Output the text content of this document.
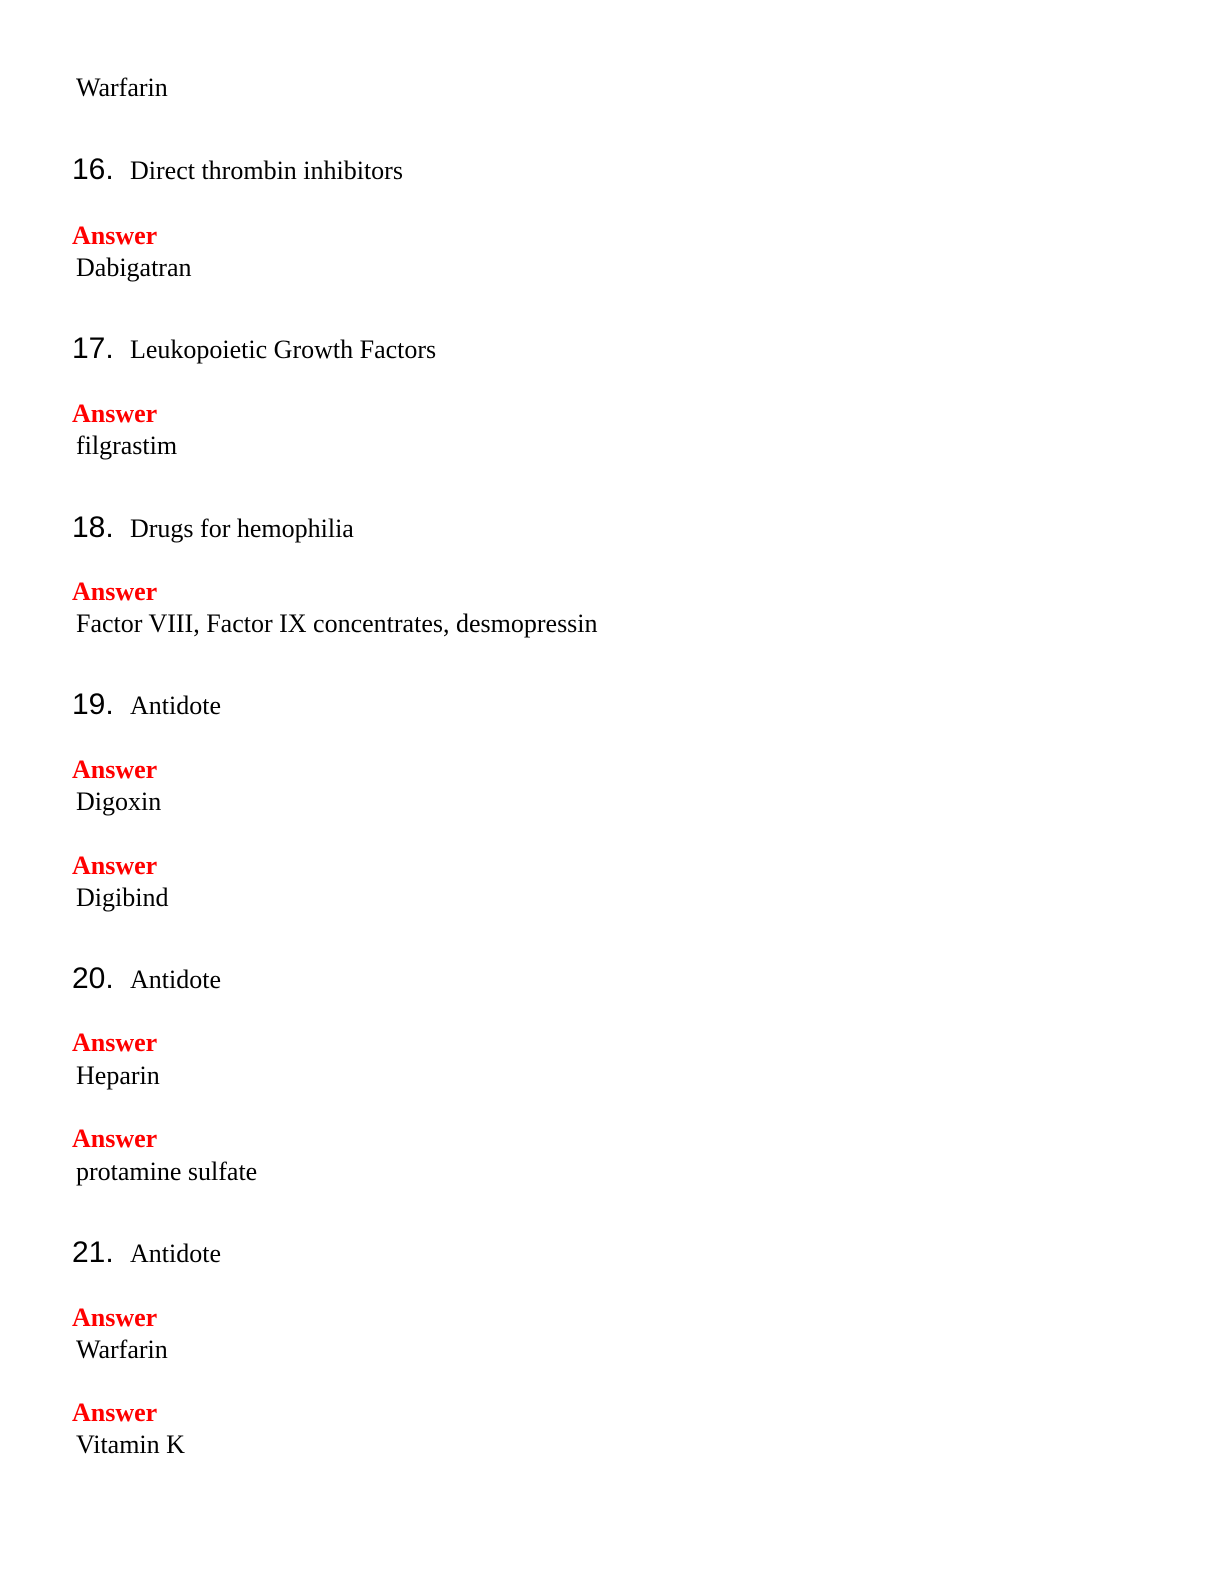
Warfarin
16. Direct thrombin inhibitors
Answer
Dabigatran
17. Leukopoietic Growth Factors
Answer
filgrastim
18. Drugs for hemophilia
Answer
Factor VIII, Factor IX concentrates, desmopressin
19. Antidote
Answer
Digoxin
Answer
Digibind
20. Antidote
Answer
Heparin
Answer
protamine sulfate
21. Antidote
Answer
Warfarin
Answer
Vitamin K
